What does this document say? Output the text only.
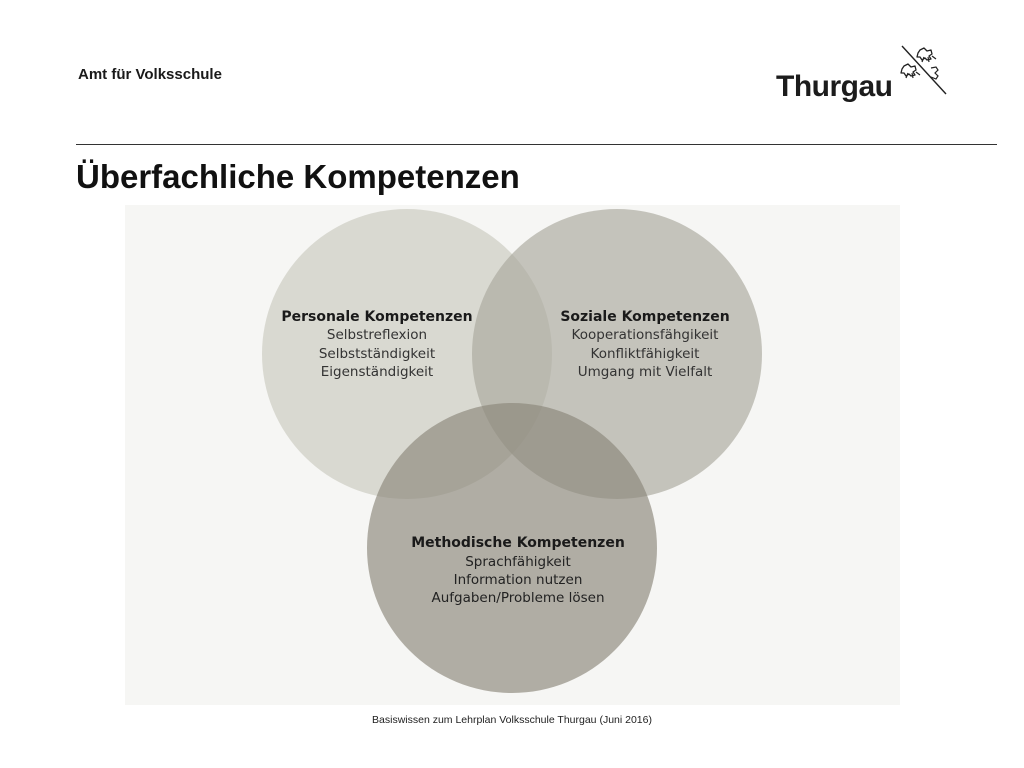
Amt für Volksschule	Thurgau
Überfachliche Kompetenzen
Personale Kompetenzen
Selbstreflexion
Selbstständigkeit
Eigenständigkeit
Soziale Kompetenzen
Kooperationsfähgikeit
Konfliktfähigkeit
Umgang mit Vielfalt
Methodische Kompetenzen
Sprachfähigkeit
Information nutzen
Aufgaben/Probleme lösen
Basiswissen zum Lehrplan Volksschule Thurgau (Juni 2016)
